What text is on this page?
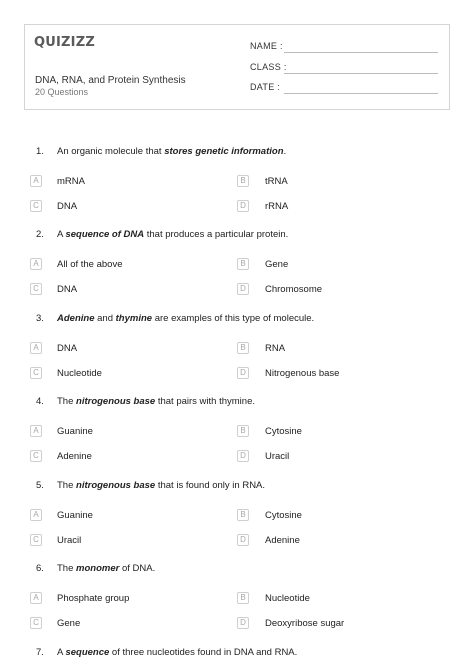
QUIZIZZ
DNA, RNA, and Protein Synthesis
20 Questions
NAME :
CLASS :
DATE :
1. An organic molecule that stores genetic information.
A	mRNA	B	tRNA
C	DNA	D	rRNA
2. A sequence of DNA that produces a particular protein.
A	All of the above	B	Gene
C	DNA	D	Chromosome
3. Adenine and thymine are examples of this type of molecule.
A	DNA	B	RNA
C	Nucleotide	D	Nitrogenous base
4. The nitrogenous base that pairs with thymine.
A	Guanine	B	Cytosine
C	Adenine	D	Uracil
5. The nitrogenous base that is found only in RNA.
A	Guanine	B	Cytosine
C	Uracil	D	Adenine
6. The monomer of DNA.
A	Phosphate group	B	Nucleotide
C	Gene	D	Deoxyribose sugar
7. A sequence of three nucleotides found in DNA and RNA.
